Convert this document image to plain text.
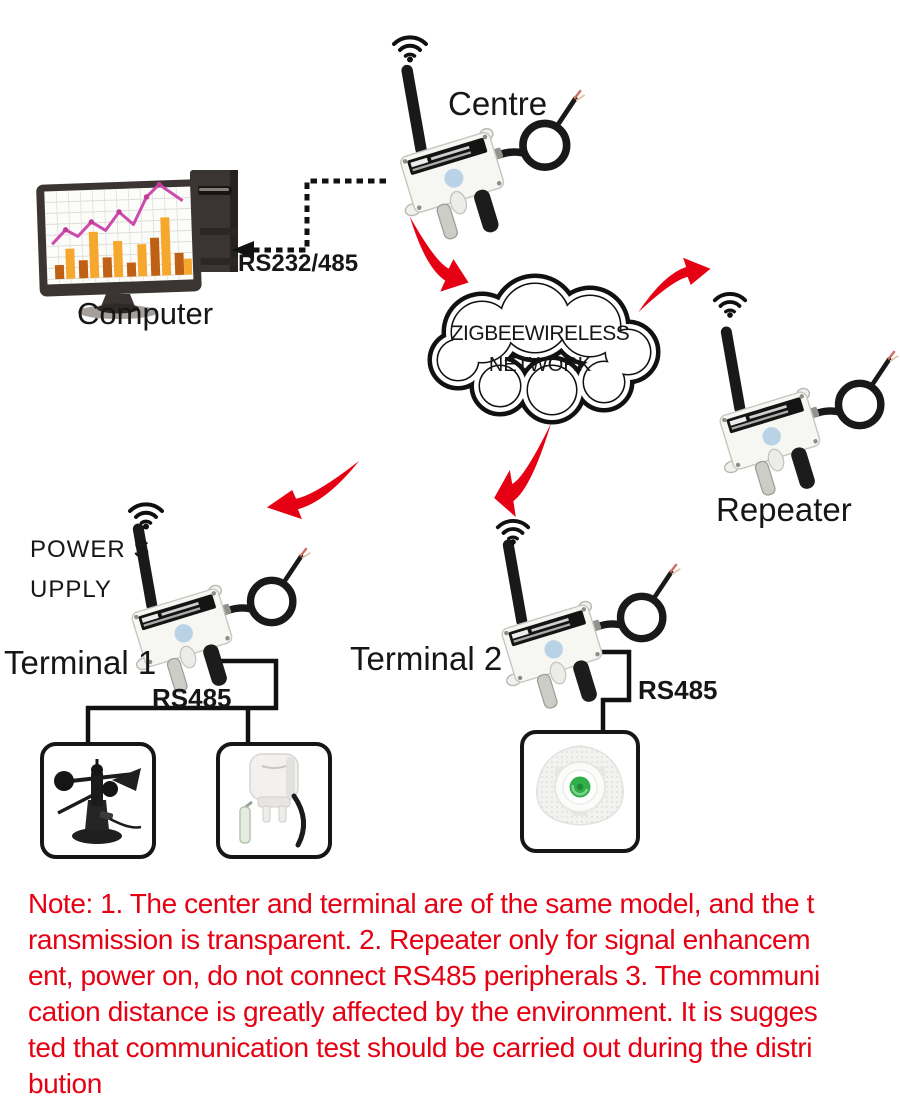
Centre
Computer
RS232/485
ZIGBEEWIRELESS
NETWORK
Repeater
POWER S
UPPLY
Terminal 1	Terminal 2
RS485	RS485
Note: 1. The center and terminal are of the same model, and the t
ransmission is transparent. 2. Repeater only for signal enhancem
ent, power on, do not connect RS485 peripherals 3. The communi
cation distance is greatly affected by the environment. It is sugges
ted that communication test should be carried out during the distri
bution
